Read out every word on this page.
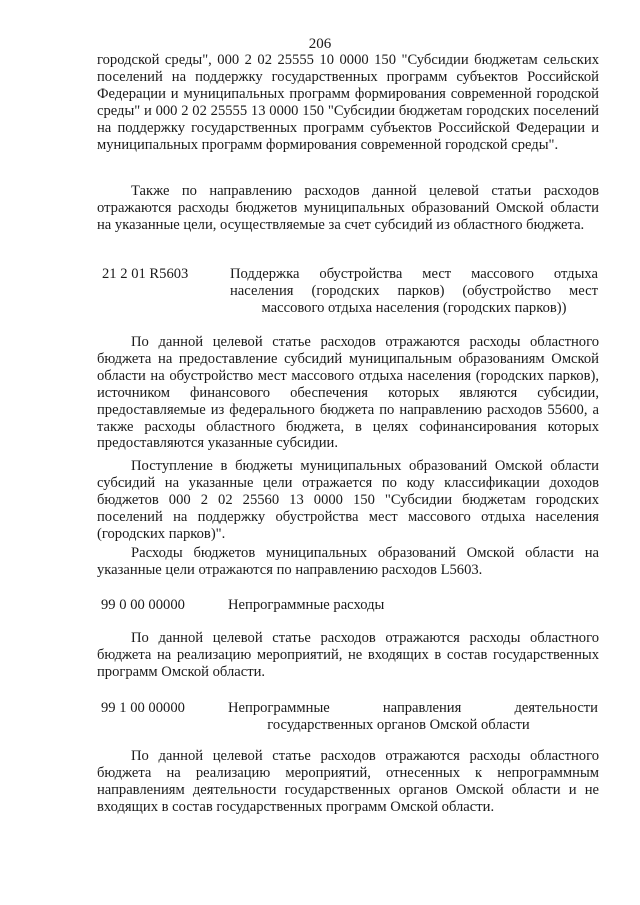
206

городской среды", 000 2 02 25555 10 0000 150 "Субсидии бюджетам сельских поселений на поддержку государственных программ субъектов Российской Федерации и муниципальных программ формирования современной городской среды" и 000 2 02 25555 13 0000 150 "Субсидии бюджетам городских поселений на поддержку государственных программ субъектов Российской Федерации и муниципальных программ формирования современной городской среды".

Также по направлению расходов данной целевой статьи расходов отражаются расходы бюджетов муниципальных образований Омской области на указанные цели, осуществляемые за счет субсидий из областного бюджета.

21 2 01 R5603	Поддержка обустройства мест массового отдыха населения (городских парков) (обустройство мест массового отдыха населения (городских парков))

По данной целевой статье расходов отражаются расходы областного бюджета на предоставление субсидий муниципальным образованиям Омской области на обустройство мест массового отдыха населения (городских парков), источником финансового обеспечения которых являются субсидии, предоставляемые из федерального бюджета по направлению расходов 55600, а также расходы областного бюджета, в целях софинансирования которых предоставляются указанные субсидии.

Поступление в бюджеты муниципальных образований Омской области субсидий на указанные цели отражается по коду классификации доходов бюджетов 000 2 02 25560 13 0000 150 "Субсидии бюджетам городских поселений на поддержку обустройства мест массового отдыха населения (городских парков)".

Расходы бюджетов муниципальных образований Омской области на указанные цели отражаются по направлению расходов L5603.

99 0 00 00000	Непрограммные расходы

По данной целевой статье расходов отражаются расходы областного бюджета на реализацию мероприятий, не входящих в состав государственных программ Омской области.

99 1 00 00000	Непрограммные направления деятельности государственных органов Омской области

По данной целевой статье расходов отражаются расходы областного бюджета на реализацию мероприятий, отнесенных к непрограммным направлениям деятельности государственных органов Омской области и не входящих в состав государственных программ Омской области.
